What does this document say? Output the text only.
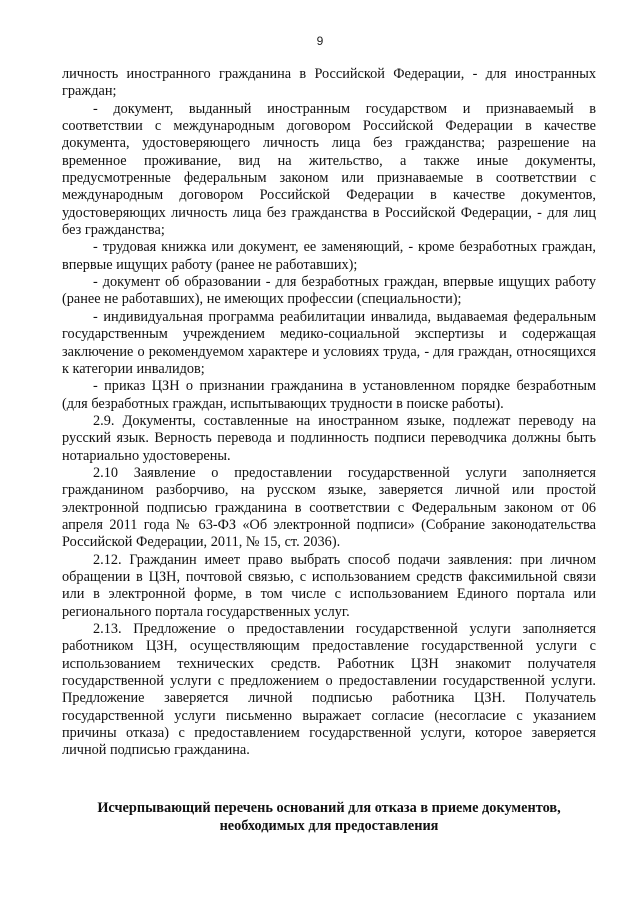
9

личность иностранного гражданина в Российской Федерации, - для иностранных граждан;

- документ, выданный иностранным государством и признаваемый в соответствии с международным договором Российской Федерации в качестве документа, удостоверяющего личность лица без гражданства; разрешение на временное проживание, вид на жительство, а также иные документы, предусмотренные федеральным законом или признаваемые в соответствии с международным договором Российской Федерации в качестве документов, удостоверяющих личность лица без гражданства в Российской Федерации, - для лиц без гражданства;

- трудовая книжка или документ, ее заменяющий, - кроме безработных граждан, впервые ищущих работу (ранее не работавших);

- документ об образовании - для безработных граждан, впервые ищущих работу (ранее не работавших), не имеющих профессии (специальности);

- индивидуальная программа реабилитации инвалида, выдаваемая федеральным государственным учреждением медико-социальной экспертизы и содержащая заключение о рекомендуемом характере и условиях труда, - для граждан, относящихся к категории инвалидов;

- приказ ЦЗН о признании гражданина в установленном порядке безработным (для безработных граждан, испытывающих трудности в поиске работы).

2.9. Документы, составленные на иностранном языке, подлежат переводу на русский язык. Верность перевода и подлинность подписи переводчика должны быть нотариально удостоверены.

2.10 Заявление о предоставлении государственной услуги заполняется гражданином разборчиво, на русском языке, заверяется личной или простой электронной подписью гражданина в соответствии с Федеральным законом от 06 апреля 2011 года № 63-ФЗ «Об электронной подписи» (Собрание законодательства Российской Федерации, 2011, № 15, ст. 2036).

2.12. Гражданин имеет право выбрать способ подачи заявления: при личном обращении в ЦЗН, почтовой связью, с использованием средств факсимильной связи или в электронной форме, в том числе с использованием Единого портала или регионального портала государственных услуг.

2.13. Предложение о предоставлении государственной услуги заполняется работником ЦЗН, осуществляющим предоставление государственной услуги с использованием технических средств. Работник ЦЗН знакомит получателя государственной услуги с предложением о предоставлении государственной услуги. Предложение заверяется личной подписью работника ЦЗН. Получатель государственной услуги письменно выражает согласие (несогласие с указанием причины отказа) с предоставлением государственной услуги, которое заверяется личной подписью гражданина.

Исчерпывающий перечень оснований для отказа в приеме документов,
необходимых для предоставления
